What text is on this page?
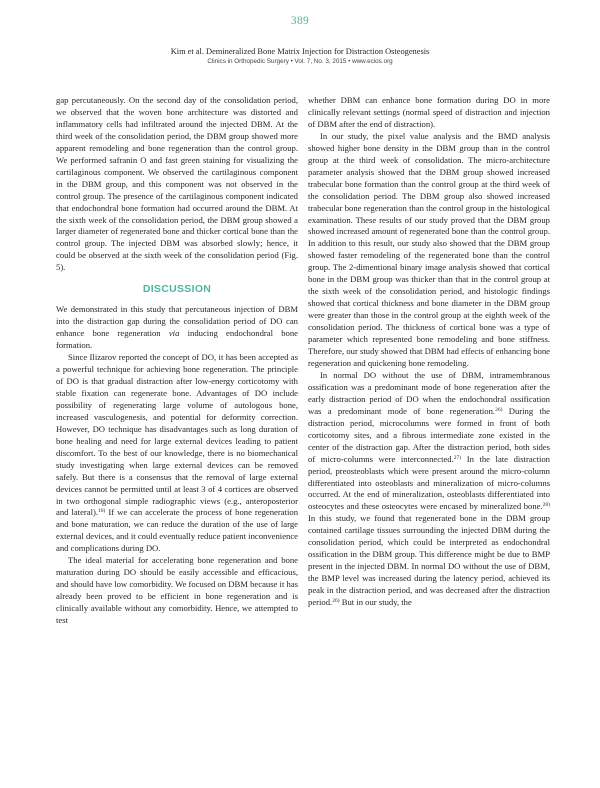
389
Kim et al. Demineralized Bone Matrix Injection for Distraction Osteogenesis
Clinics in Orthopedic Surgery • Vol. 7, No. 3, 2015 • www.ecios.org

gap percutaneously. On the second day of the consolidation period, we observed that the woven bone architecture was distorted and inflammatory cells had infiltrated around the injected DBM. At the third week of the consolidation period, the DBM group showed more apparent remodeling and bone regeneration than the control group. We performed safranin O and fast green staining for visualizing the cartilaginous component. We observed the cartilaginous component in the DBM group, and this component was not observed in the control group. The presence of the cartilaginous component indicated that endochondral bone formation had occurred around the DBM. At the sixth week of the consolidation period, the DBM group showed a larger diameter of regenerated bone and thicker cortical bone than the control group. The injected DBM was absorbed slowly; hence, it could be observed at the sixth week of the consolidation period (Fig. 5).

DISCUSSION

We demonstrated in this study that percutaneous injection of DBM into the distraction gap during the consolidation period of DO can enhance bone regeneration via inducing endochondral bone formation.

Since Ilizarov reported the concept of DO, it has been accepted as a powerful technique for achieving bone regeneration. The principle of DO is that gradual distraction after low-energy corticotomy with stable fixation can regenerate bone. Advantages of DO include possibility of regenerating large volume of autologous bone, increased vasculogenesis, and potential for deformity correction. However, DO technique has disadvantages such as long duration of bone healing and need for large external devices leading to patient discomfort. To the best of our knowledge, there is no biomechanical study investigating when large external devices can be removed safely. But there is a consensus that the removal of large external devices cannot be permitted until at least 3 of 4 cortices are observed in two orthogonal simple radiographic views (e.g., anteroposterior and lateral).$^{10)}$ If we can accelerate the process of bone regeneration and bone maturation, we can reduce the duration of the use of large external devices, and it could eventually reduce patient inconvenience and complications during DO.

The ideal material for accelerating bone regeneration and bone maturation during DO should be easily accessible and efficacious, and should have low comorbidity. We focused on DBM because it has already been proved to be efficient in bone regeneration and is clinically available without any comorbidity. Hence, we attempted to test

whether DBM can enhance bone formation during DO in more clinically relevant settings (normal speed of distraction and injection of DBM after the end of distraction).

In our study, the pixel value analysis and the BMD analysis showed higher bone density in the DBM group than in the control group at the third week of consolidation. The micro-architecture parameter analysis showed that the DBM group showed increased trabecular bone formation than the control group at the third week of the consolidation period. The DBM group also showed increased trabecular bone regeneration than the control group in the histological examination. These results of our study proved that the DBM group showed increased amount of regenerated bone than the control group. In addition to this result, our study also showed that the DBM group showed faster remodeling of the regenerated bone than the control group. The 2-dimentional binary image analysis showed that cortical bone in the DBM group was thicker than that in the control group at the sixth week of the consolidation period, and histologic findings showed that cortical thickness and bone diameter in the DBM group were greater than those in the control group at the eighth week of the consolidation period. The thickness of cortical bone was a type of parameter which represented bone remodeling and bone stiffness. Therefore, our study showed that DBM had effects of enhancing bone regeneration and quickening bone remodeling.

In normal DO without the use of DBM, intramembranous ossification was a predominant mode of bone regeneration after the early distraction period of DO when the endochondral ossification was a predominant mode of bone regeneration.$^{26)}$ During the distraction period, microcolumns were formed in front of both corticotomy sites, and a fibrous intermediate zone existed in the center of the distraction gap. After the distraction period, both sides of micro-columns were interconnected.$^{27)}$ In the late distraction period, preosteoblasts which were present around the micro-column differentiated into osteoblasts and mineralization of micro-columns occurred. At the end of mineralization, osteoblasts differentiated into osteocytes and these osteocytes were encased by mineralized bone.$^{28)}$ In this study, we found that regenerated bone in the DBM group contained cartilage tissues surrounding the injected DBM during the consolidation period, which could be interpreted as endochondral ossification in the DBM group. This difference might be due to BMP present in the injected DBM. In normal DO without the use of DBM, the BMP level was increased during the latency period, achieved its peak in the distraction period, and was decreased after the distraction period.$^{26)}$ But in our study, the
